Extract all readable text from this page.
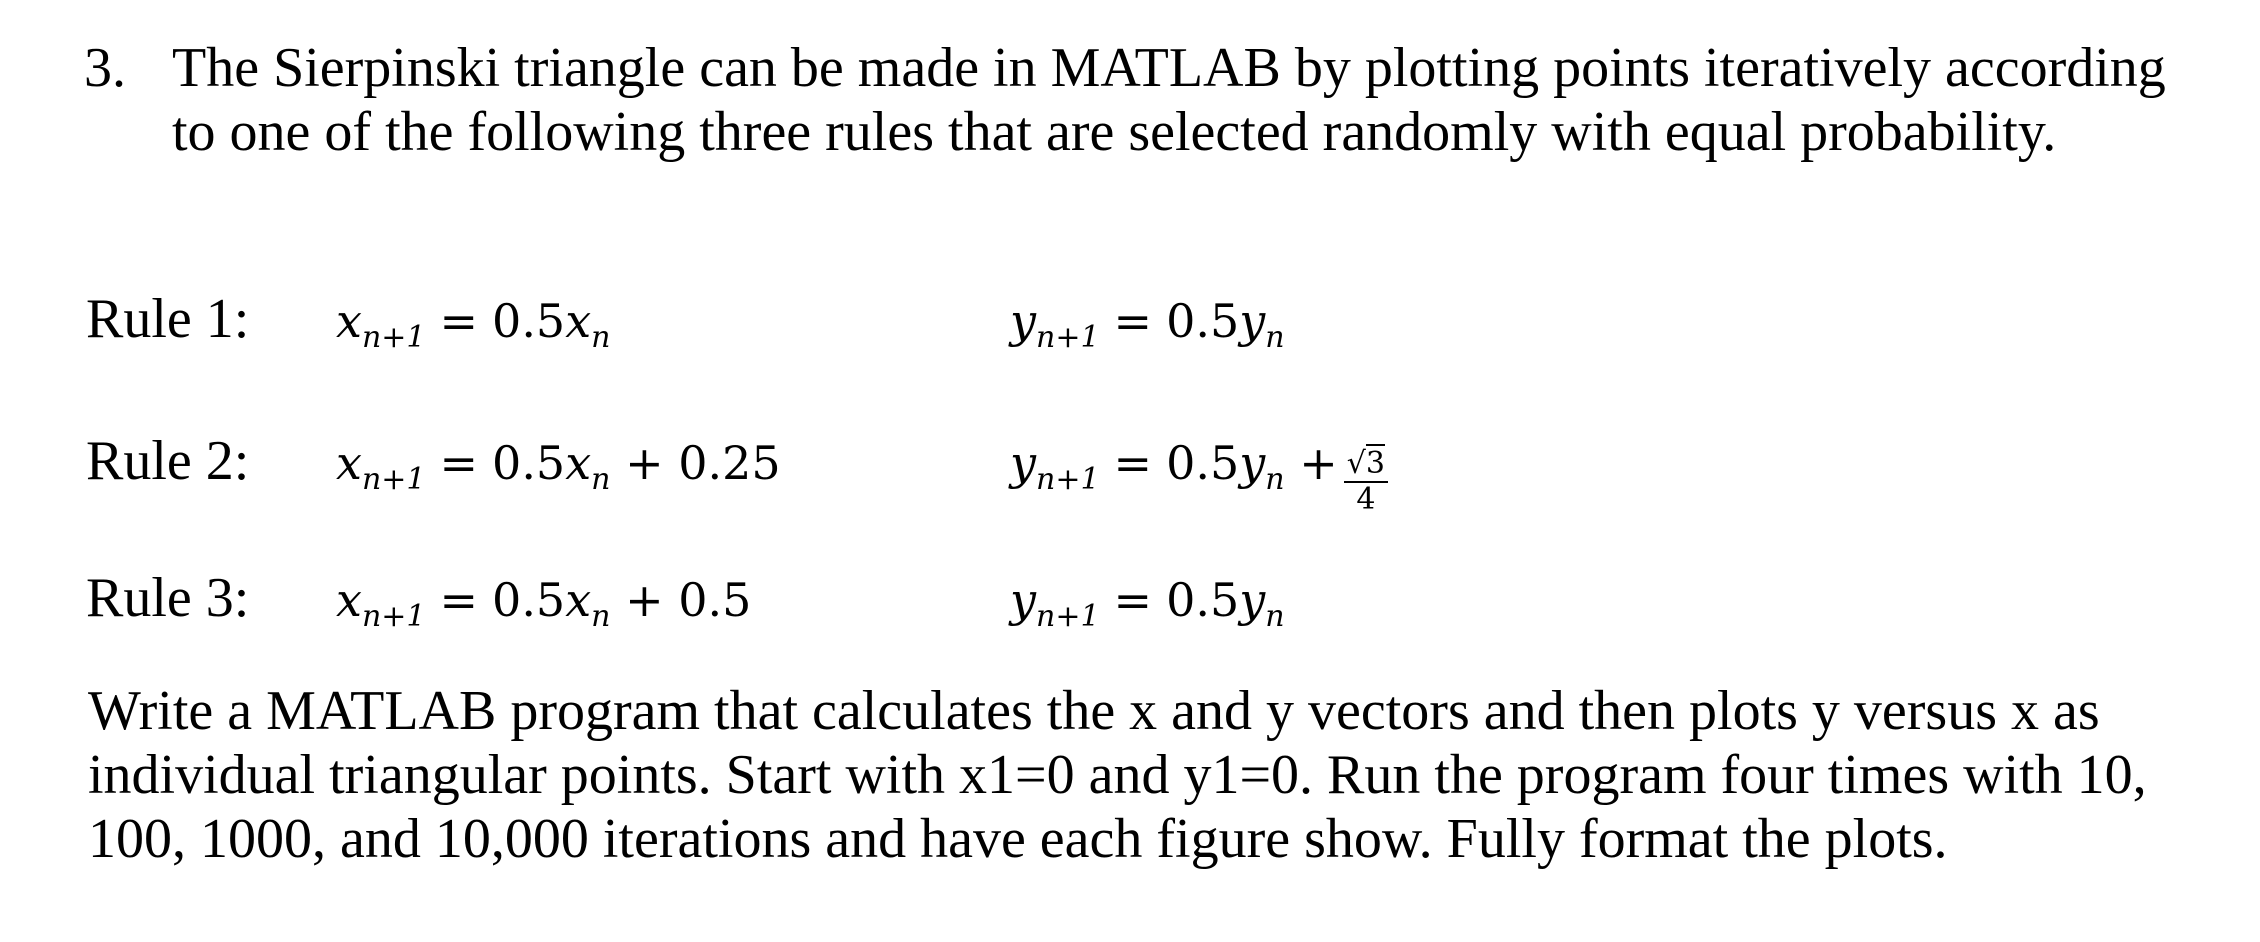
3. The Sierpinski triangle can be made in MATLAB by plotting points iteratively according
to one of the following three rules that are selected randomly with equal probability.
Rule 1: $x_{n+1} = 0.5x_n$	$y_{n+1} = 0.5y_n$
Rule 2: $x_{n+1} = 0.5x_n + 0.25$	$y_{n+1} = 0.5y_n + \frac{√3}{4}$
Rule 3: $x_{n+1} = 0.5x_n + 0.5$	$y_{n+1} = 0.5y_n$
Write a MATLAB program that calculates the x and y vectors and then plots y versus x as
individual triangular points. Start with x1=0 and y1=0. Run the program four times with 10,
100, 1000, and 10,000 iterations and have each figure show. Fully format the plots.
